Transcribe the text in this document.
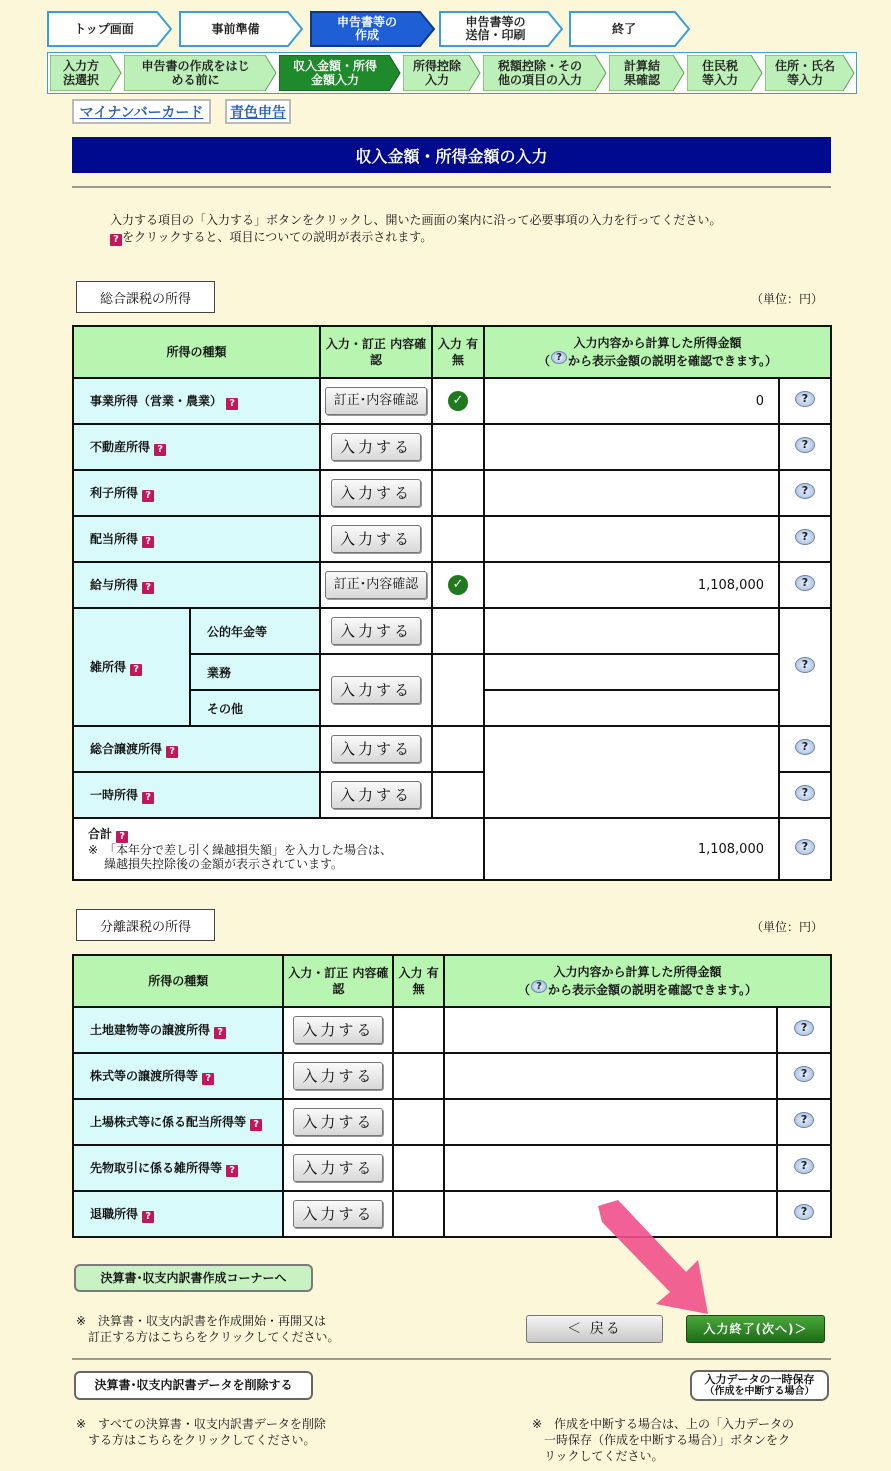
トップ画面	事前準備	申告書等の作成
申告書等の送信・印刷	終了
入力方法選択
申告書の作成をはじめる前に
収入金額・所得金額入力
所得控除入力
税額控除・その他の項目の入力
計算結果確認
住民税等入力
住所・氏名等入力
マイナンバーカード	青色申告
収入金額・所得金額の入力
入力する項目の「入力する」ボタンをクリックし、開いた画面の案内に沿って必要事項の入力を行ってください。
? をクリックすると、項目についての説明が表示されます。
総合課税の所得	（単位：円）
所得の種類		入力・訂正 内容確認	入力 有無	入力内容から計算した所得金額
（ ? から表示金額の説明を確認できます。）	

事業所得（営業・農業） ?		訂正･内容確認	✓	0	?

不動産所得 ?		入力する			?

利子所得 ?		入力する			?

配当所得 ?		入力する			?

給与所得 ?		訂正･内容確認	✓	1,108,000	?

雑所得 ?	公的年金等	入力する			?

	業務	入力する			
	その他				
総合譲渡所得 ?		入力する			?

一時所得 ?		入力する			?

合計 ?
※　「本年分で差し引く繰越損失額」を入力した場合は、
繰越損失控除後の金額が表示されています。				1,108,000	?
分離課税の所得	（単位：円）
所得の種類	入力・訂正 内容確認	入力 有無	入力内容から計算した所得金額
（ ? から表示金額の説明を確認できます。）	

土地建物等の譲渡所得 ?	入力する			?

株式等の譲渡所得等 ?	入力する			?

上場株式等に係る配当所得等 ?	入力する			?

先物取引に係る雑所得等 ?	入力する			?

退職所得 ?	入力する			?
決算書･収支内訳書作成コーナーへ
※　決算書・収支内訳書を作成開始・再開又は
訂正する方はこちらをクリックしてください。
＜ 戻る	入力終了(次へ)＞
決算書･収支内訳書データを削除する	入力データの一時保存
（作成を中断する場合）
※　すべての決算書・収支内訳書データを削除
する方はこちらをクリックしてください。
※　作成を中断する場合は、上の「入力データの
一時保存（作成を中断する場合）」ボタンをク
リックしてください。
